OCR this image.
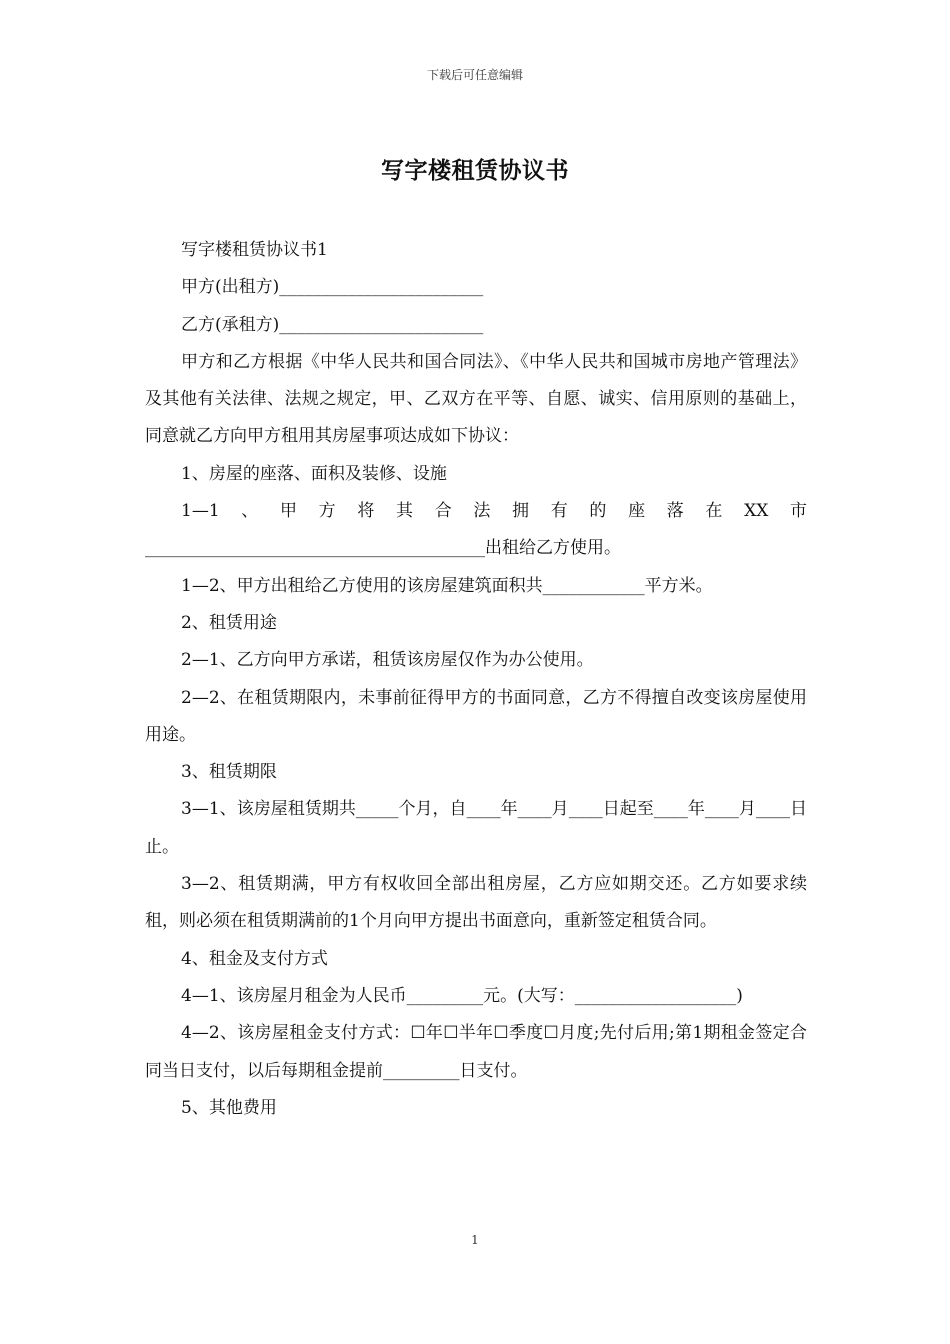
下载后可任意编辑
写字楼租赁协议书

写字楼租赁协议书1

甲方(出租方)________________________

乙方(承租方)________________________

甲方和乙方根据《中华人民共和国合同法》、《中华人民共和国城市房地产管理法》及其他有关法律、法规之规定，甲、乙双方在平等、自愿、诚实、信用原则的基础上，同意就乙方向甲方租用其房屋事项达成如下协议：

1、房屋的座落、面积及装修、设施

1—1、甲方将其合法拥有的座落在XX市________________________________________出租给乙方使用。

1—2、甲方出租给乙方使用的该房屋建筑面积共____________平方米。

2、租赁用途

2—1、乙方向甲方承诺，租赁该房屋仅作为办公使用。

2—2、在租赁期限内，未事前征得甲方的书面同意，乙方不得擅自改变该房屋使用用途。

3、租赁期限

3—1、该房屋租赁期共_____个月，自____年____月____日起至____年____月____日止。

3—2、租赁期满，甲方有权收回全部出租房屋，乙方应如期交还。乙方如要求续租，则必须在租赁期满前的1个月向甲方提出书面意向，重新签定租赁合同。

4、租金及支付方式

4—1、该房屋月租金为人民币_________元。(大写：___________________)

4—2、该房屋租金支付方式：☐年☐半年☐季度☐月度;先付后用;第1期租金签定合同当日支付，以后每期租金提前_________日支付。

5、其他费用

1
